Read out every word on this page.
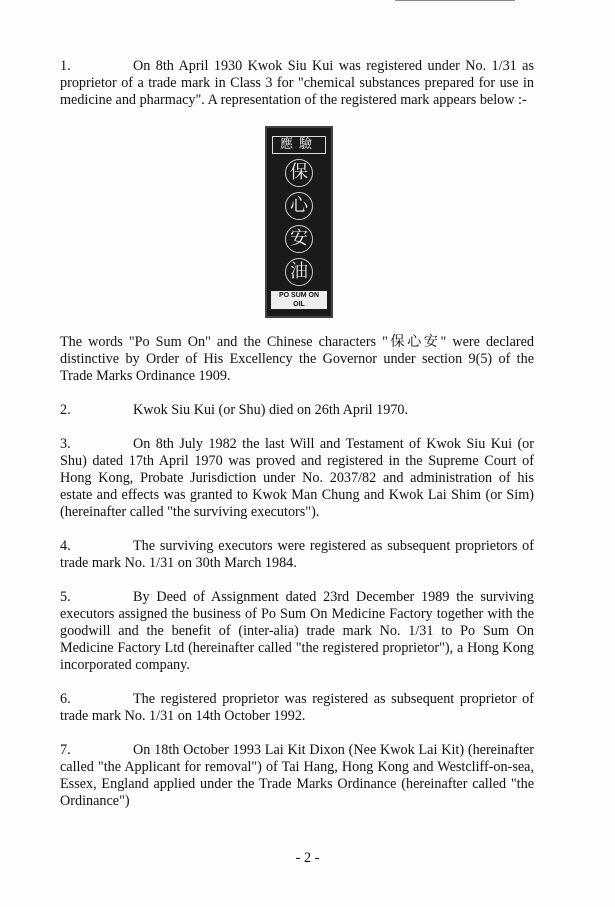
1.	On 8th April 1930 Kwok Siu Kui was registered under No. 1/31 as proprietor of a trade mark in Class 3 for "chemical substances prepared for use in medicine and pharmacy". A representation of the registered mark appears below :-

應驗
保
心
安
油
PO SUM ON
OIL

The words "Po Sum On" and the Chinese characters "保心安" were declared distinctive by Order of His Excellency the Governor under section 9(5) of the Trade Marks Ordinance 1909.

2.	Kwok Siu Kui (or Shu) died on 26th April 1970.

3.	On 8th July 1982 the last Will and Testament of Kwok Siu Kui (or Shu) dated 17th April 1970 was proved and registered in the Supreme Court of Hong Kong, Probate Jurisdiction under No. 2037/82 and administration of his estate and effects was granted to Kwok Man Chung and Kwok Lai Shim (or Sim) (hereinafter called "the surviving executors").

4.	The surviving executors were registered as subsequent proprietors of trade mark No. 1/31 on 30th March 1984.

5.	By Deed of Assignment dated 23rd December 1989 the surviving executors assigned the business of Po Sum On Medicine Factory together with the goodwill and the benefit of (inter-alia) trade mark No. 1/31 to Po Sum On Medicine Factory Ltd (hereinafter called "the registered proprietor"), a Hong Kong incorporated company.

6.	The registered proprietor was registered as subsequent proprietor of trade mark No. 1/31 on 14th October 1992.

7.	On 18th October 1993 Lai Kit Dixon (Nee Kwok Lai Kit) (hereinafter called "the Applicant for removal") of Tai Hang, Hong Kong and Westcliff-on-sea, Essex, England applied under the Trade Marks Ordinance (hereinafter called "the Ordinance")

- 2 -
